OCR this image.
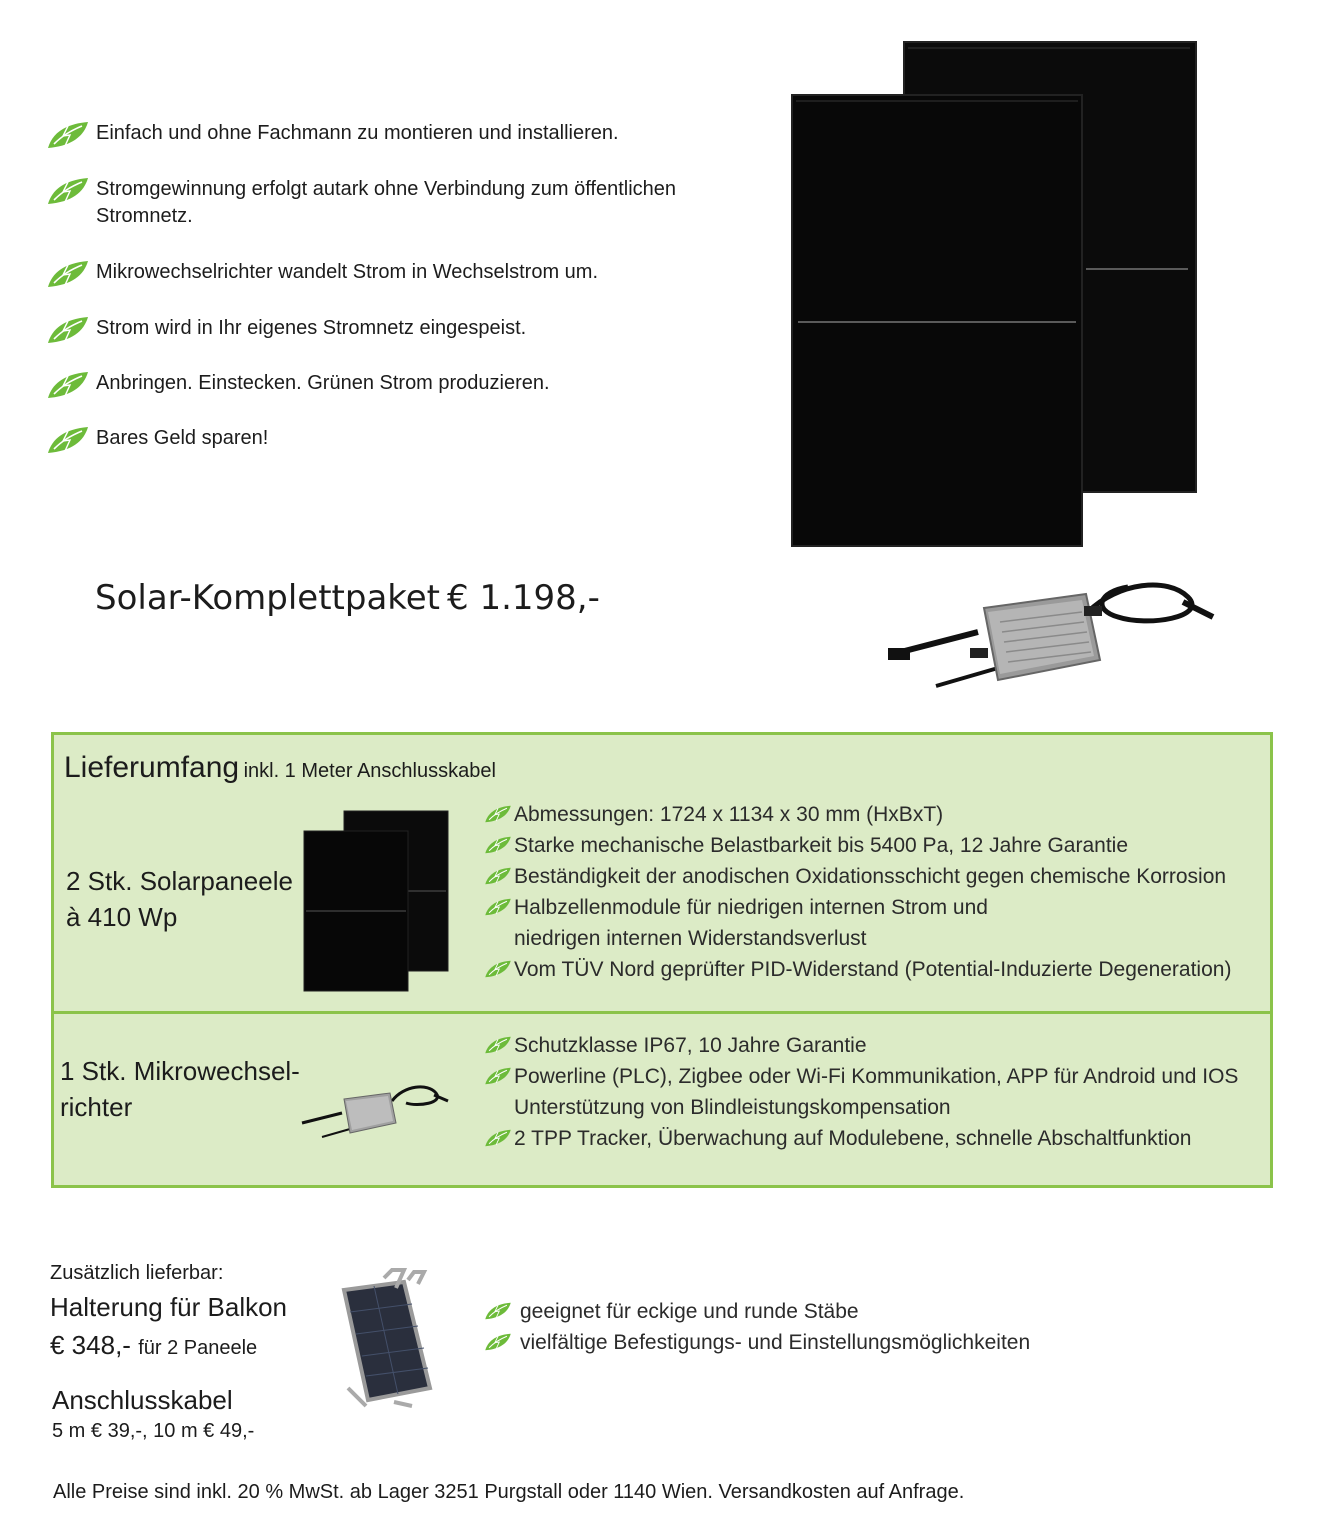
Einfach und ohne Fachmann zu montieren und installieren.
Stromgewinnung erfolgt autark ohne Verbindung zum öffentlichen Stromnetz.
Mikrowechselrichter wandelt Strom in Wechselstrom um.
Strom wird in Ihr eigenes Stromnetz eingespeist.
Anbringen. Einstecken. Grünen Strom produzieren.
Bares Geld sparen!
Solar-Komplettpaket € 1.198,-
Lieferumfang inkl. 1 Meter Anschlusskabel
2 Stk. Solarpaneele
à 410 Wp
Abmessungen: 1724 x 1134 x 30 mm (HxBxT)
Starke mechanische Belastbarkeit bis 5400 Pa, 12 Jahre Garantie
Beständigkeit der anodischen Oxidationsschicht gegen chemische Korrosion
Halbzellenmodule für niedrigen internen Strom und
niedrigen internen Widerstandsverlust
Vom TÜV Nord geprüfter PID-Widerstand (Potential-Induzierte Degeneration)
1 Stk. Mikrowechsel-
richter
Schutzklasse IP67, 10 Jahre Garantie
Powerline (PLC), Zigbee oder Wi-Fi Kommunikation, APP für Android und IOS
Unterstützung von Blindleistungskompensation
2 TPP Tracker, Überwachung auf Modulebene, schnelle Abschaltfunktion
Zusätzlich lieferbar:
Halterung für Balkon
€ 348,- für 2 Paneele
Anschlusskabel
5 m € 39,-, 10 m € 49,-
geeignet für eckige und runde Stäbe
vielfältige Befestigungs- und Einstellungsmöglichkeiten
Alle Preise sind inkl. 20 % MwSt. ab Lager 3251 Purgstall oder 1140 Wien. Versandkosten auf Anfrage.
